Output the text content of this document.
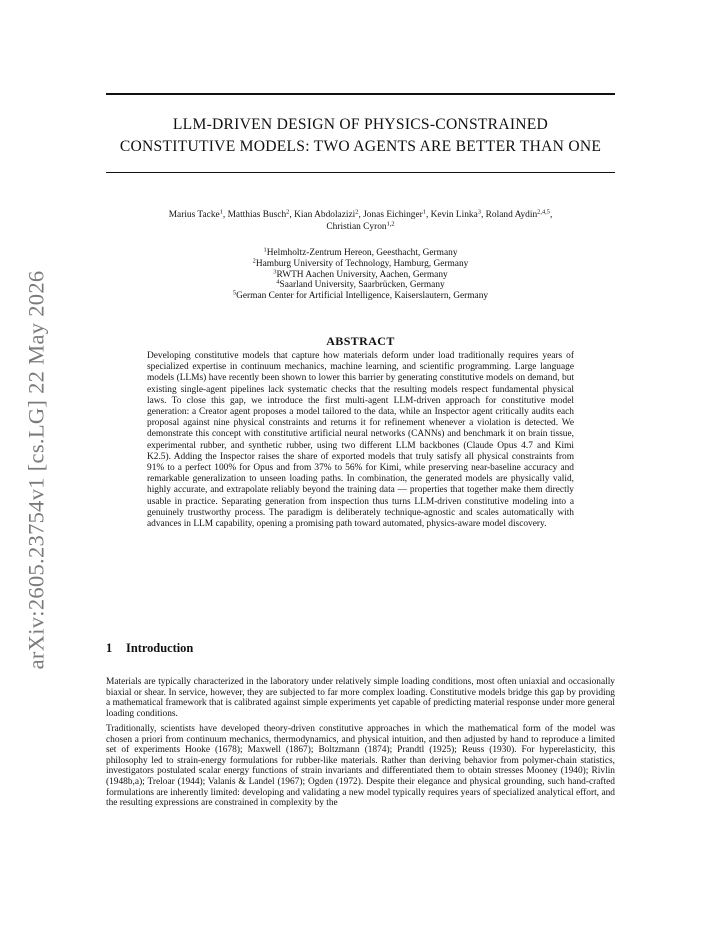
arXiv:2605.23754v1 [cs.LG] 22 May 2026
LLM-DRIVEN DESIGN OF PHYSICS-CONSTRAINED
CONSTITUTIVE MODELS: TWO AGENTS ARE BETTER THAN ONE
Marius Tacke$^1$, Matthias Busch$^2$, Kian Abdolazizi$^2$, Jonas Eichinger$^1$, Kevin Linka$^3$, Roland Aydin$^{2,4,5}$,
Christian Cyron$^{1,2}$
$^1$Helmholtz-Zentrum Hereon, Geesthacht, Germany
$^2$Hamburg University of Technology, Hamburg, Germany
$^3$RWTH Aachen University, Aachen, Germany
$^4$Saarland University, Saarbrücken, Germany
$^5$German Center for Artificial Intelligence, Kaiserslautern, Germany
ABSTRACT
Developing constitutive models that capture how materials deform under load traditionally requires years of specialized expertise in continuum mechanics, machine learning, and scientific programming. Large language models (LLMs) have recently been shown to lower this barrier by generating constitutive models on demand, but existing single-agent pipelines lack systematic checks that the resulting models respect fundamental physical laws. To close this gap, we introduce the first multi-agent LLM-driven approach for constitutive model generation: a Creator agent proposes a model tailored to the data, while an Inspector agent critically audits each proposal against nine physical constraints and returns it for refinement whenever a violation is detected. We demonstrate this concept with constitutive artificial neural networks (CANNs) and benchmark it on brain tissue, experimental rubber, and synthetic rubber, using two different LLM backbones (Claude Opus 4.7 and Kimi K2.5). Adding the Inspector raises the share of exported models that truly satisfy all physical constraints from 91% to a perfect 100% for Opus and from 37% to 56% for Kimi, while preserving near-baseline accuracy and remarkable generalization to unseen loading paths. In combination, the generated models are physically valid, highly accurate, and extrapolate reliably beyond the training data — properties that together make them directly usable in practice. Separating generation from inspection thus turns LLM-driven constitutive modeling into a genuinely trustworthy process. The paradigm is deliberately technique-agnostic and scales automatically with advances in LLM capability, opening a promising path toward automated, physics-aware model discovery.
1 Introduction

Materials are typically characterized in the laboratory under relatively simple loading conditions, most often uniaxial and occasionally biaxial or shear. In service, however, they are subjected to far more complex loading. Constitutive models bridge this gap by providing a mathematical framework that is calibrated against simple experiments yet capable of predicting material response under more general loading conditions.

Traditionally, scientists have developed theory-driven constitutive approaches in which the mathematical form of the model was chosen a priori from continuum mechanics, thermodynamics, and physical intuition, and then adjusted by hand to reproduce a limited set of experiments Hooke (1678); Maxwell (1867); Boltzmann (1874); Prandtl (1925); Reuss (1930). For hyperelasticity, this philosophy led to strain-energy formulations for rubber-like materials. Rather than deriving behavior from polymer-chain statistics, investigators postulated scalar energy functions of strain invariants and differentiated them to obtain stresses Mooney (1940); Rivlin (1948b,a); Treloar (1944); Valanis & Landel (1967); Ogden (1972). Despite their elegance and physical grounding, such hand-crafted formulations are inherently limited: developing and validating a new model typically requires years of specialized analytical effort, and the resulting expressions are constrained in complexity by the
